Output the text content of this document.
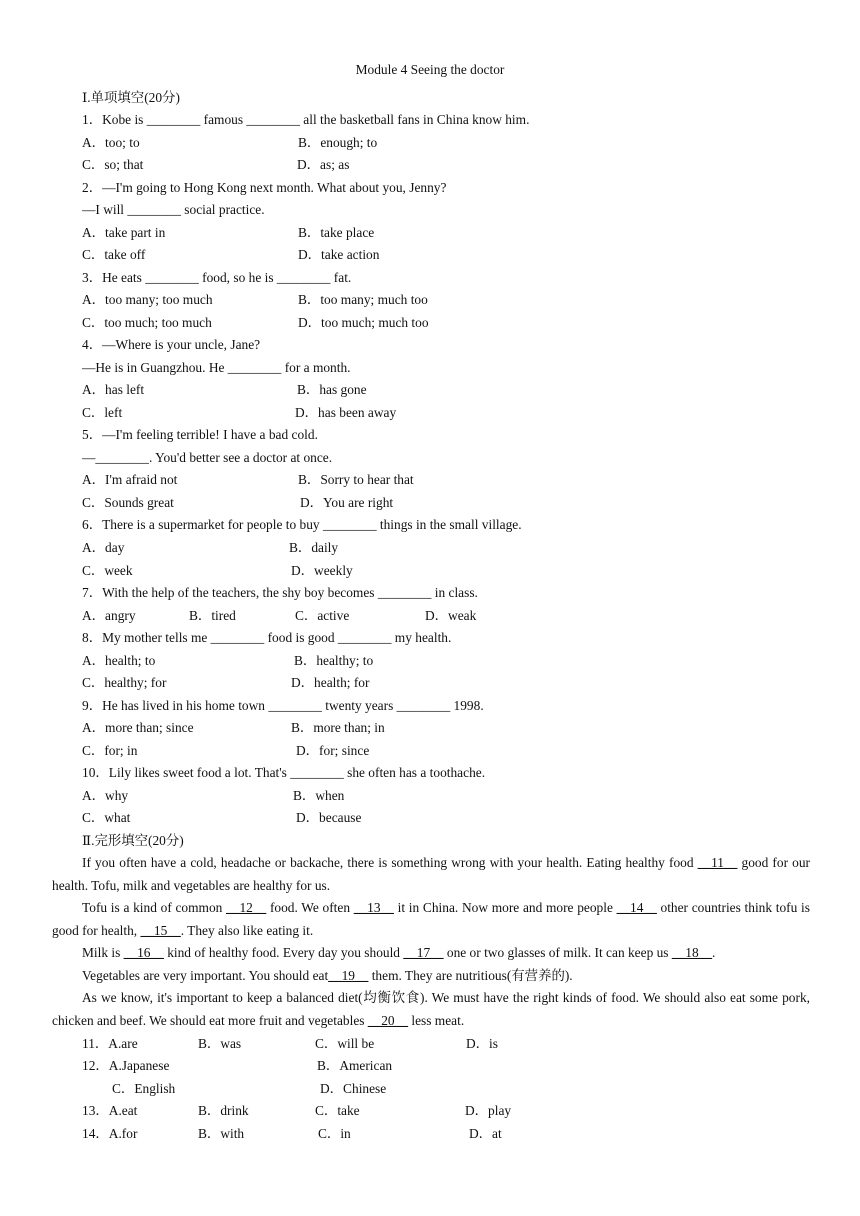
Module 4 Seeing the doctor
Ⅰ.单项填空(20分)
1．Kobe is ________ famous ________ all the basketball fans in China know him.
A．too; to	B．enough; to
C．so; that	D．as; as
2．—I'm going to Hong Kong next month. What about you, Jenny?
—I will ________ social practice.
A．take part in	B．take place
C．take off	D．take action
3．He eats ________ food, so he is ________ fat.
A．too many; too much	B．too many; much too
C．too much; too much	D．too much; much too
4．—Where is your uncle, Jane?
—He is in Guangzhou. He ________ for a month.
A．has left	B．has gone
C．left	D．has been away
5．—I'm feeling terrible! I have a bad cold.
—________. You'd better see a doctor at once.
A．I'm afraid not	B．Sorry to hear that
C．Sounds great	D．You are right
6．There is a supermarket for people to buy ________ things in the small village.
A．day	B．daily
C．week	D．weekly
7．With the help of the teachers, the shy boy becomes ________ in class.
A．angry	B．tired	C．active	D．weak
8．My mother tells me ________ food is good ________ my health.
A．health; to	B．healthy; to
C．healthy; for	D．health; for
9．He has lived in his home town ________ twenty years ________ 1998.
A．more than; since	B．more than; in
C．for; in	D．for; since
10．Lily likes sweet food a lot. That's ________ she often has a toothache.
A．why	B．when
C．what	D．because
Ⅱ.完形填空(20分)
If you often have a cold, headache or backache, there is something wrong with your health. Eating healthy food __11__ good for our health. Tofu, milk and vegetables are healthy for us.
Tofu is a kind of common __12__ food. We often __13__ it in China. Now more and more people __14__ other countries think tofu is good for health, __15__. They also like eating it.
Milk is __16__ kind of healthy food. Every day you should __17__ one or two glasses of milk. It can keep us __18__.
Vegetables are very important. You should eat__19__ them. They are nutritious(有营养的).
As we know, it's important to keep a balanced diet(均衡饮食). We must have the right kinds of food. We should also eat some pork, chicken and beef. We should eat more fruit and vegetables __20__ less meat.
11．A.are	B．was	C．will be	D．is
12．A.Japanese	B．American
C．English	D．Chinese
13．A.eat	B．drink	C．take	D．play
14．A.for	B．with	C．in	D．at
